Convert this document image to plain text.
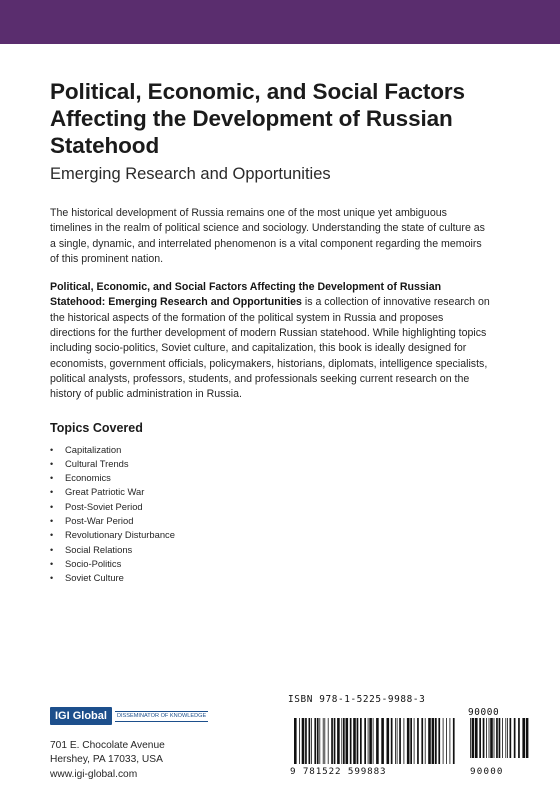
Political, Economic, and Social Factors Affecting the Development of Russian Statehood
Emerging Research and Opportunities

The historical development of Russia remains one of the most unique yet ambiguous timelines in the realm of political science and sociology. Understanding the state of culture as a single, dynamic, and interrelated phenomenon is a vital component regarding the memoirs of this prominent nation.

Political, Economic, and Social Factors Affecting the Development of Russian Statehood: Emerging Research and Opportunities is a collection of innovative research on the historical aspects of the formation of the political system in Russia and proposes directions for the further development of modern Russian statehood. While highlighting topics including socio-politics, Soviet culture, and capitalization, this book is ideally designed for economists, government officials, policymakers, historians, diplomats, intelligence specialists, political analysts, professors, students, and professionals seeking current research on the history of public administration in Russia.

Topics Covered
• Capitalization
• Cultural Trends
• Economics
• Great Patriotic War
• Post-Soviet Period
• Post-War Period
• Revolutionary Disturbance
• Social Relations
• Socio-Politics
• Soviet Culture
IGI Global	DISSEMINATOR OF KNOWLEDGE
701 E. Chocolate Avenue
Hershey, PA 17033, USA
www.igi-global.com
ISBN 978-1-5225-9988-3
90000
9 781522 599883	90000
